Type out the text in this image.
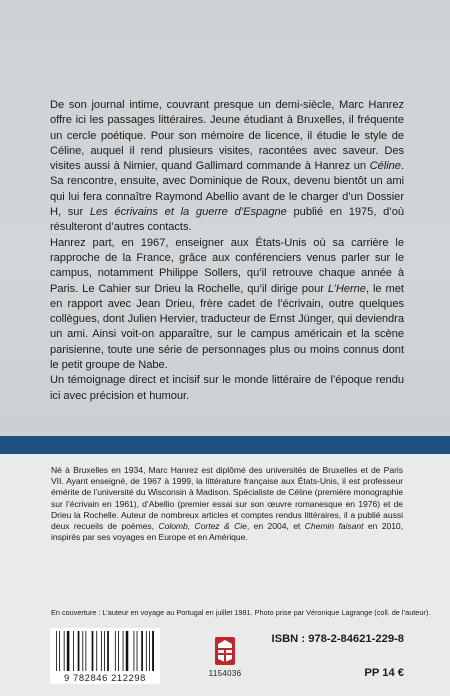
De son journal intime, couvrant presque un demi-siècle, Marc Hanrez offre ici les passages littéraires. Jeune étudiant à Bruxelles, il fréquente un cercle poétique. Pour son mémoire de licence, il étudie le style de Céline, auquel il rend plusieurs visites, racontées avec saveur. Des visites aussi à Nimier, quand Gallimard commande à Hanrez un Céline. Sa rencontre, ensuite, avec Dominique de Roux, devenu bientôt un ami qui lui fera connaître Raymond Abellio avant de le charger d’un Dossier H, sur Les écrivains et la guerre d’Espagne publié en 1975, d’où résulteront d’autres contacts.

Hanrez part, en 1967, enseigner aux États-Unis où sa carrière le rapproche de la France, grâce aux conférenciers venus parler sur le campus, notamment Philippe Sollers, qu’il retrouve chaque année à Paris. Le Cahier sur Drieu la Rochelle, qu’il dirige pour L’Herne, le met en rapport avec Jean Drieu, frère cadet de l’écrivain, outre quelques collègues, dont Julien Hervier, traducteur de Ernst Jünger, qui deviendra un ami. Ainsi voit-on apparaître, sur le campus américain et la scène parisienne, toute une série de personnages plus ou moins connus dont le petit groupe de Nabe.

Un témoignage direct et incisif sur le monde littéraire de l’époque rendu ici avec précision et humour.

Né à Bruxelles en 1934, Marc Hanrez est diplômé des universités de Bruxelles et de Paris VII. Ayant enseigné, de 1967 à 1999, la littérature française aux États-Unis, il est professeur émérite de l’université du Wisconsin à Madison. Spécialiste de Céline (première monographie sur l’écrivain en 1961), d’Abellio (premier essai sur son œuvre romanesque en 1976) et de Drieu la Rochelle. Auteur de nombreux articles et comptes rendus littéraires, il a publié aussi deux recueils de poèmes, Colomb, Cortez & Cie, en 2004, et Chemin faisant en 2010, inspirés par ses voyages en Europe et en Amérique.

En couverture : L’auteur en voyage au Portugal en juillet 1981. Photo prise par Véronique Lagrange (coll. de l’auteur).
9 782846 212298	1154036
ISBN : 978-2-84621-229-8
PP 14 €
